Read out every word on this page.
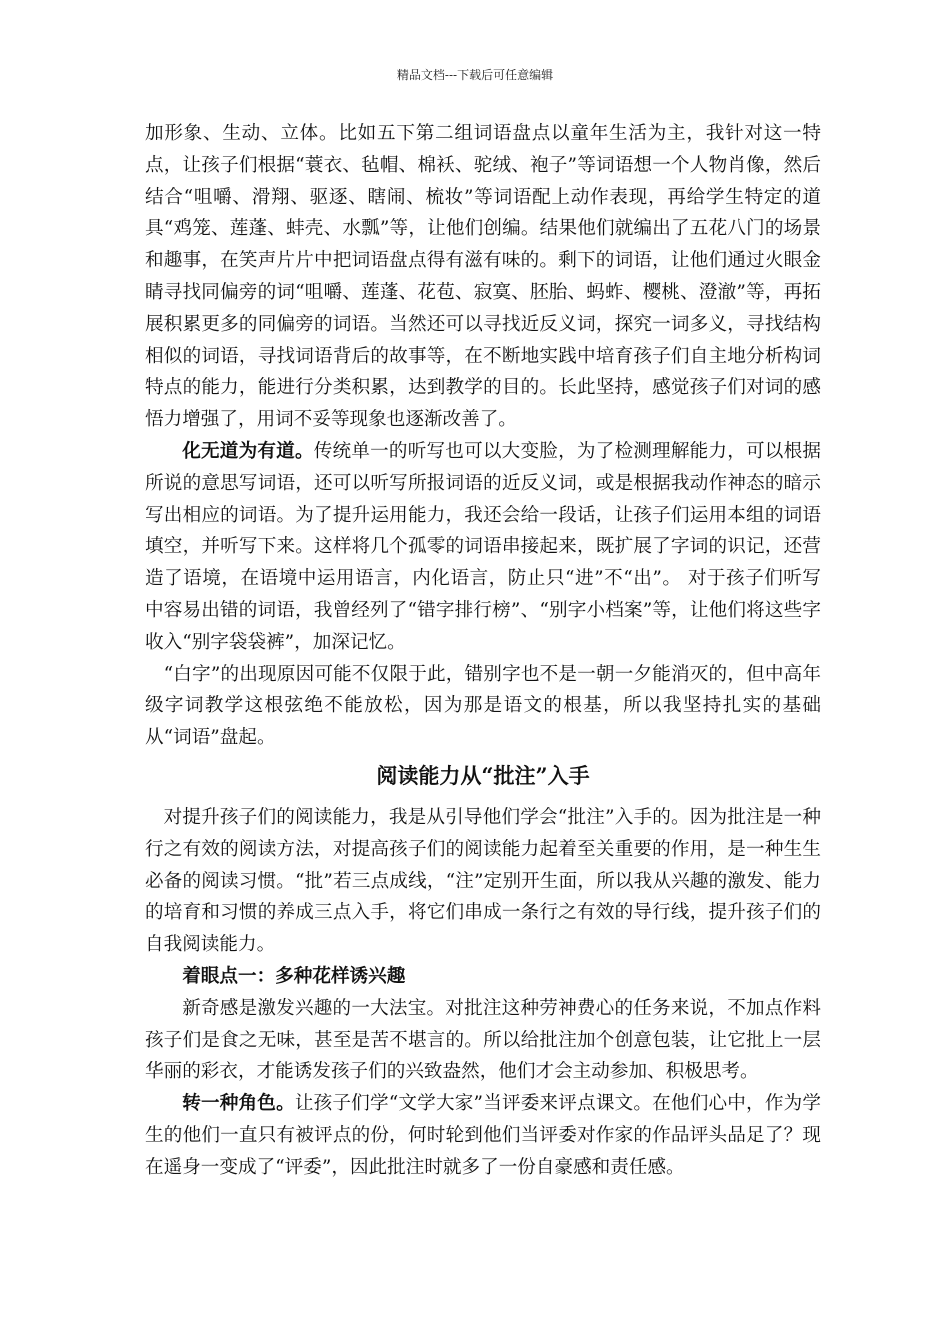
精品文档---下载后可任意编辑

加形象、生动、立体。比如五下第二组词语盘点以童年生活为主，我针对这一特点，让孩子们根据“蓑衣、毡帽、棉袄、驼绒、袍子”等词语想一个人物肖像，然后结合“咀嚼、滑翔、驱逐、瞎闹、梳妆”等词语配上动作表现，再给学生特定的道具“鸡笼、莲蓬、蚌壳、水瓢”等，让他们创编。结果他们就编出了五花八门的场景和趣事，在笑声片片中把词语盘点得有滋有味的。剩下的词语，让他们通过火眼金睛寻找同偏旁的词“咀嚼、莲蓬、花苞、寂寞、胚胎、蚂蚱、樱桃、澄澈”等，再拓展积累更多的同偏旁的词语。当然还可以寻找近反义词，探究一词多义，寻找结构相似的词语，寻找词语背后的故事等，在不断地实践中培育孩子们自主地分析构词特点的能力，能进行分类积累，达到教学的目的。长此坚持，感觉孩子们对词的感悟力增强了，用词不妥等现象也逐渐改善了。

化无道为有道。传统单一的听写也可以大变脸，为了检测理解能力，可以根据所说的意思写词语，还可以听写所报词语的近反义词，或是根据我动作神态的暗示写出相应的词语。为了提升运用能力，我还会给一段话，让孩子们运用本组的词语填空，并听写下来。这样将几个孤零的词语串接起来，既扩展了字词的识记，还营造了语境，在语境中运用语言，内化语言，防止只“进”不“出”。 对于孩子们听写中容易出错的词语，我曾经列了“错字排行榜”、“别字小档案”等，让他们将这些字收入“别字袋袋裤”，加深记忆。

“白字”的出现原因可能不仅限于此，错别字也不是一朝一夕能消灭的，但中高年级字词教学这根弦绝不能放松，因为那是语文的根基，所以我坚持扎实的基础从“词语”盘起。

阅读能力从“批注”入手

对提升孩子们的阅读能力，我是从引导他们学会“批注”入手的。因为批注是一种行之有效的阅读方法，对提高孩子们的阅读能力起着至关重要的作用，是一种生生必备的阅读习惯。“批”若三点成线，“注”定别开生面，所以我从兴趣的激发、能力的培育和习惯的养成三点入手，将它们串成一条行之有效的导行线，提升孩子们的自我阅读能力。

着眼点一：多种花样诱兴趣

新奇感是激发兴趣的一大法宝。对批注这种劳神费心的任务来说，不加点作料孩子们是食之无味，甚至是苦不堪言的。所以给批注加个创意包装，让它批上一层华丽的彩衣，才能诱发孩子们的兴致盎然，他们才会主动参加、积极思考。

转一种角色。让孩子们学“文学大家”当评委来评点课文。在他们心中，作为学生的他们一直只有被评点的份，何时轮到他们当评委对作家的作品评头品足了？现在遥身一变成了“评委”，因此批注时就多了一份自豪感和责任感。
